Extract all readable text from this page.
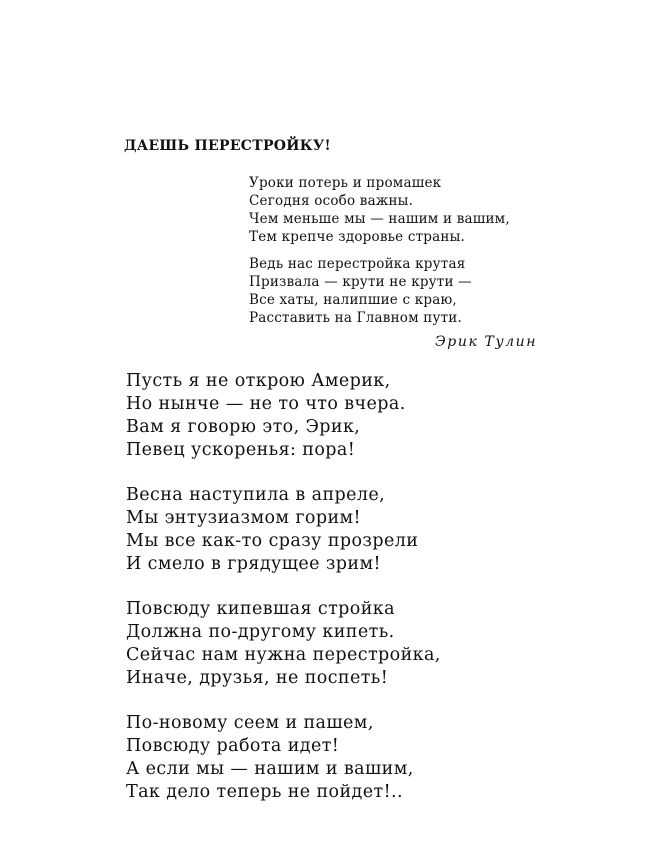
ДАЕШЬ ПЕРЕСТРОЙКУ!
Уроки потерь и промашек
Сегодня особо важны.
Чем меньше мы — нашим и вашим,
Тем крепче здоровье страны.
Ведь нас перестройка крутая
Призвала — крути не крути —
Все хаты, налипшие с краю,
Расставить на Главном пути.
Эрик Тулин
Пусть я не открою Америк,
Но нынче — не то что вчера.
Вам я говорю это, Эрик,
Певец ускоренья: пора!
Весна наступила в апреле,
Мы энтузиазмом горим!
Мы все как-то сразу прозрели
И смело в грядущее зрим!
Повсюду кипевшая стройка
Должна по-другому кипеть.
Сейчас нам нужна перестройка,
Иначе, друзья, не поспеть!
По-новому сеем и пашем,
Повсюду работа идет!
А если мы — нашим и вашим,
Так дело теперь не пойдет!..
